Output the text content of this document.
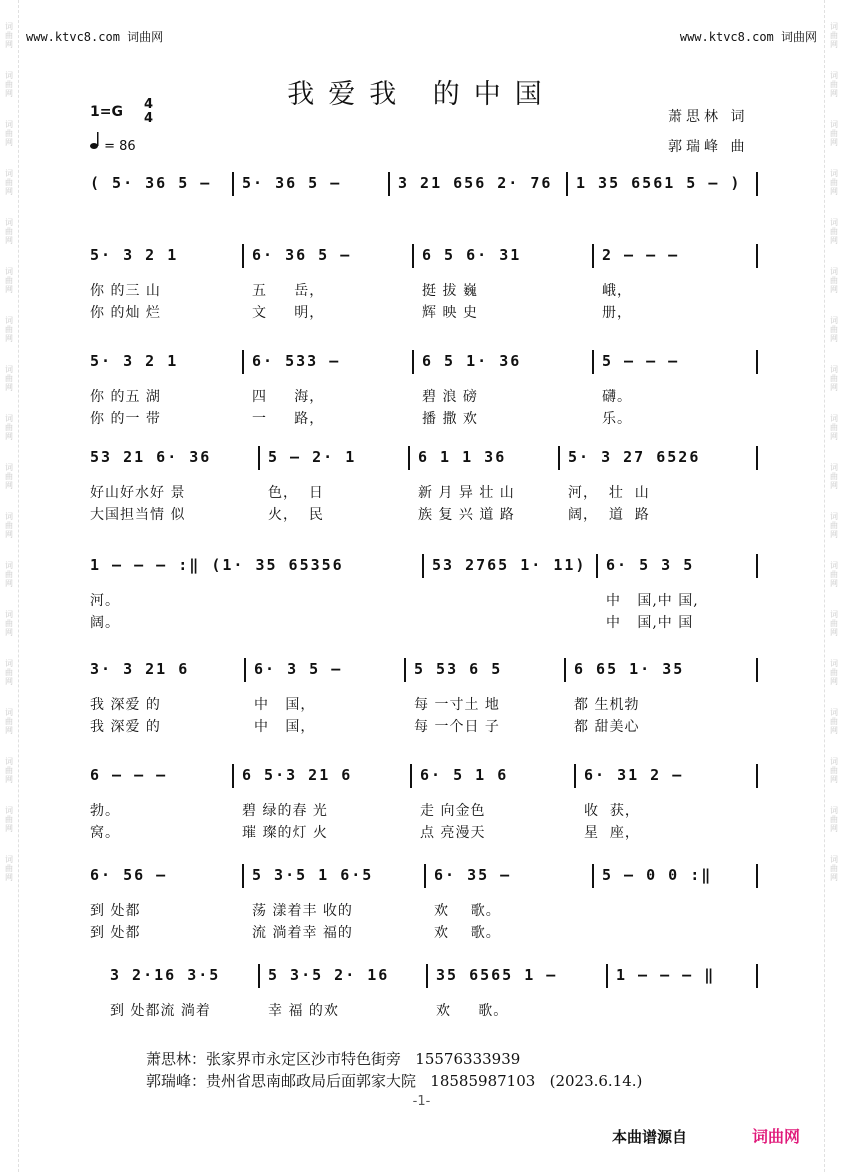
词
曲
网
词
曲
网
词
曲
网
词
曲
网
词
曲
网
词
曲
网
词
曲
网
词
曲
网
词
曲
网
词
曲
网
词
曲
网
词
曲
网
词
曲
网
词
曲
网
词
曲
网
词
曲
网
词
曲
网
词
曲
网
词
曲
网
词
曲
网
词
曲
网
词
曲
网
词
曲
网
词
曲
网
词
曲
网
词
曲
网
词
曲
网
词
曲
网
词
曲
网
词
曲
网
词
曲
网
词
曲
网
词
曲
网
词
曲
网
词
曲
网
词
曲
网
www.ktvc8.com 词曲网	www.ktvc8.com 词曲网
我爱我 的中国
1=G 4
4
= 86
萧思林 词
郭瑞峰 曲
( 5· 36 5 – 5· 36 5 –	3 21 656 2· 76 1 35 6561 5 – )
5· 3 2 1	6· 36 5 –	6 5 6· 31	2 – – –
你 的三 山	五     岳，	挺 拔 巍	峨，
你 的灿 烂	文     明，	辉 映 史	册，
5· 3 2 1	6· 533 –	6 5 1· 36	5 – – –
你 的五 湖	四     海，	碧 浪 磅	礴。
你 的一 带	一     路，	播 撒 欢	乐。
53 21 6· 36	5 – 2· 1	6 1 1 36	5· 3 27 6526
好山好水好 景	色，  日	新 月 异 壮 山	河，  壮  山
大国担当情 似	火，  民	族 复 兴 道 路	阔，  道  路
1 – – – :‖ (1· 35 65356	53 2765 1· 11) 6· 5 3 5
河。	中   国,中 国,
阔。	中   国,中 国
3· 3 21 6	6· 3 5 –	5 53 6 5	6 65 1· 35
我 深爱 的	中   国，	每 一寸土 地	都 生机勃
我 深爱 的	中   国，	每 一个日 子	都 甜美心
6 – – –	6 5·3 21 6	6· 5 1 6	6· 31 2 –
勃。	碧 绿的春 光	走 向金色	收  获，
窝。	璀 璨的灯 火	点 亮漫天	星  座，
6· 56 –	5 3·5 1 6·5	6· 35 –	5 – 0 0 :‖
到 处都	荡 漾着丰 收的	欢    歌。
到 处都	流 淌着幸 福的	欢    歌。
3 2·16 3·5	5 3·5 2· 16	35 6565 1 –	1 – – – ‖
到 处都流 淌着	幸 福 的欢	欢     歌。
萧思林：张家界市永定区沙市特色街旁   15576333939
郭瑞峰：贵州省思南邮政局后面郭家大院   18585987103   (2023.6.14.)
-1-
本曲谱源自	词曲网
